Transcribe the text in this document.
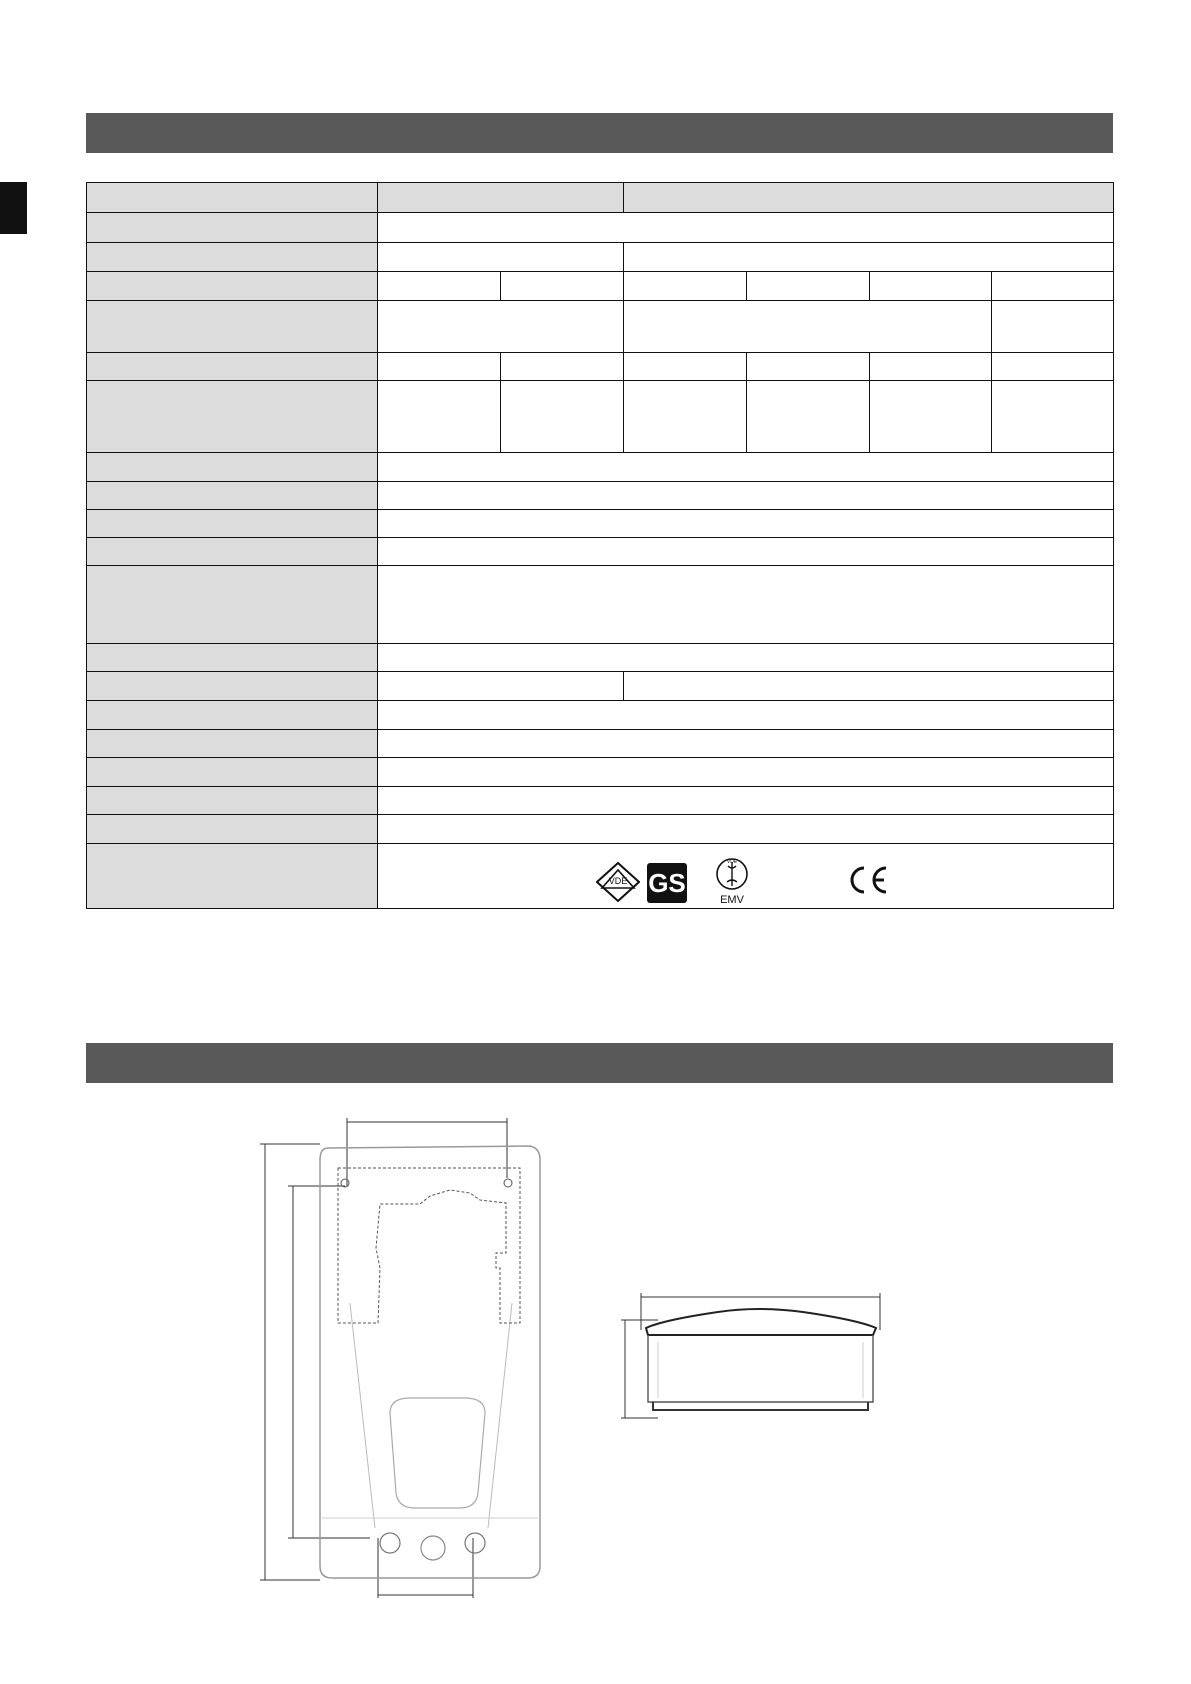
VDE GS
VDE
EMV					
